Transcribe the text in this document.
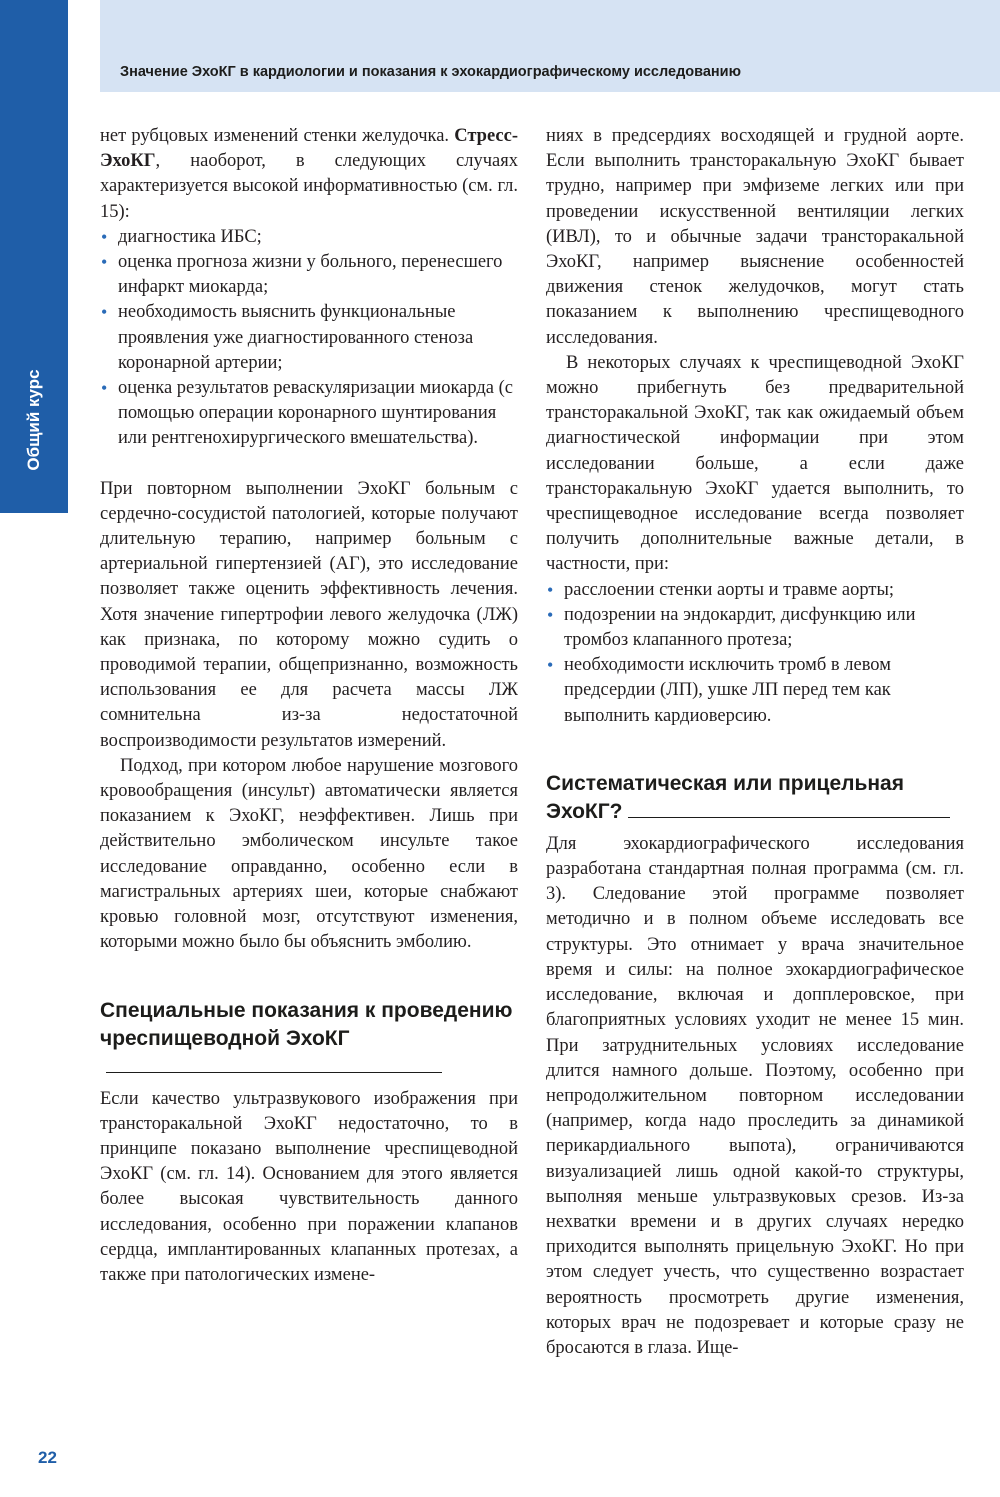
Значение ЭхоКГ в кардиологии и показания к эхокардиографическому исследованию
Общий курс

нет рубцовых изменений стенки желудочка. Стресс-ЭхоКГ, наоборот, в следующих случаях характеризуется высокой информативностью (см. гл. 15):

• диагностика ИБС;
• оценка прогноза жизни у больного, перенесшего инфаркт миокарда;
• необходимость выяснить функциональные проявления уже диагностированного стеноза коронарной артерии;
• оценка результатов реваскуляризации миокарда (с помощью операции коронарного шунтирования или рентгенохирургического вмешательства).

При повторном выполнении ЭхоКГ больным с сердечно-сосудистой патологией, которые получают длительную терапию, например больным с артериальной гипертензией (АГ), это исследование позволяет также оценить эффективность лечения. Хотя значение гипертрофии левого желудочка (ЛЖ) как признака, по которому можно судить о проводимой терапии, общепризнанно, возможность использования ее для расчета массы ЛЖ сомнительна из-за недостаточной воспроизводимости результатов измерений.

Подход, при котором любое нарушение мозгового кровообращения (инсульт) автоматически является показанием к ЭхоКГ, неэффективен. Лишь при действительно эмболическом инсульте такое исследование оправданно, особенно если в магистральных артериях шеи, которые снабжают кровью головной мозг, отсутствуют изменения, которыми можно было бы объяснить эмболию.

Специальные показания к проведению чреспищеводной ЭхоКГ

Если качество ультразвукового изображения при трансторакальной ЭхоКГ недостаточно, то в принципе показано выполнение чреспищеводной ЭхоКГ (см. гл. 14). Основанием для этого является более высокая чувствительность данного исследования, особенно при поражении клапанов сердца, имплантированных клапанных протезах, а также при патологических измене-

ниях в предсердиях восходящей и грудной аорте. Если выполнить трансторакальную ЭхоКГ бывает трудно, например при эмфиземе легких или при проведении искусственной вентиляции легких (ИВЛ), то и обычные задачи трансторакальной ЭхоКГ, например выяснение особенностей движения стенок желудочков, могут стать показанием к выполнению чреспищеводного исследования.

В некоторых случаях к чреспищеводной ЭхоКГ можно прибегнуть без предварительной трансторакальной ЭхоКГ, так как ожидаемый объем диагностической информации при этом исследовании больше, а если даже трансторакальную ЭхоКГ удается выполнить, то чреспищеводное исследование всегда позволяет получить дополнительные важные детали, в частности, при:

• расслоении стенки аорты и травме аорты;
• подозрении на эндокардит, дисфункцию или тромбоз клапанного протеза;
• необходимости исключить тромб в левом предсердии (ЛП), ушке ЛП перед тем как выполнить кардиоверсию.
Систематическая или прицельная ЭхоКГ?

Для эхокардиографического исследования разработана стандартная полная программа (см. гл. 3). Следование этой программе позволяет методично и в полном объеме исследовать все структуры. Это отнимает у врача значительное время и силы: на полное эхокардиографическое исследование, включая и допплеровское, при благоприятных условиях уходит не менее 15 мин. При затруднительных условиях исследование длится намного дольше. Поэтому, особенно при непродолжительном повторном исследовании (например, когда надо проследить за динамикой перикардиального выпота), ограничиваются визуализацией лишь одной какой-то структуры, выполняя меньше ультразвуковых срезов. Из-за нехватки времени и в других случаях нередко приходится выполнять прицельную ЭхоКГ. Но при этом следует учесть, что существенно возрастает вероятность просмотреть другие изменения, которых врач не подозревает и которые сразу не бросаются в глаза. Ище-

22
